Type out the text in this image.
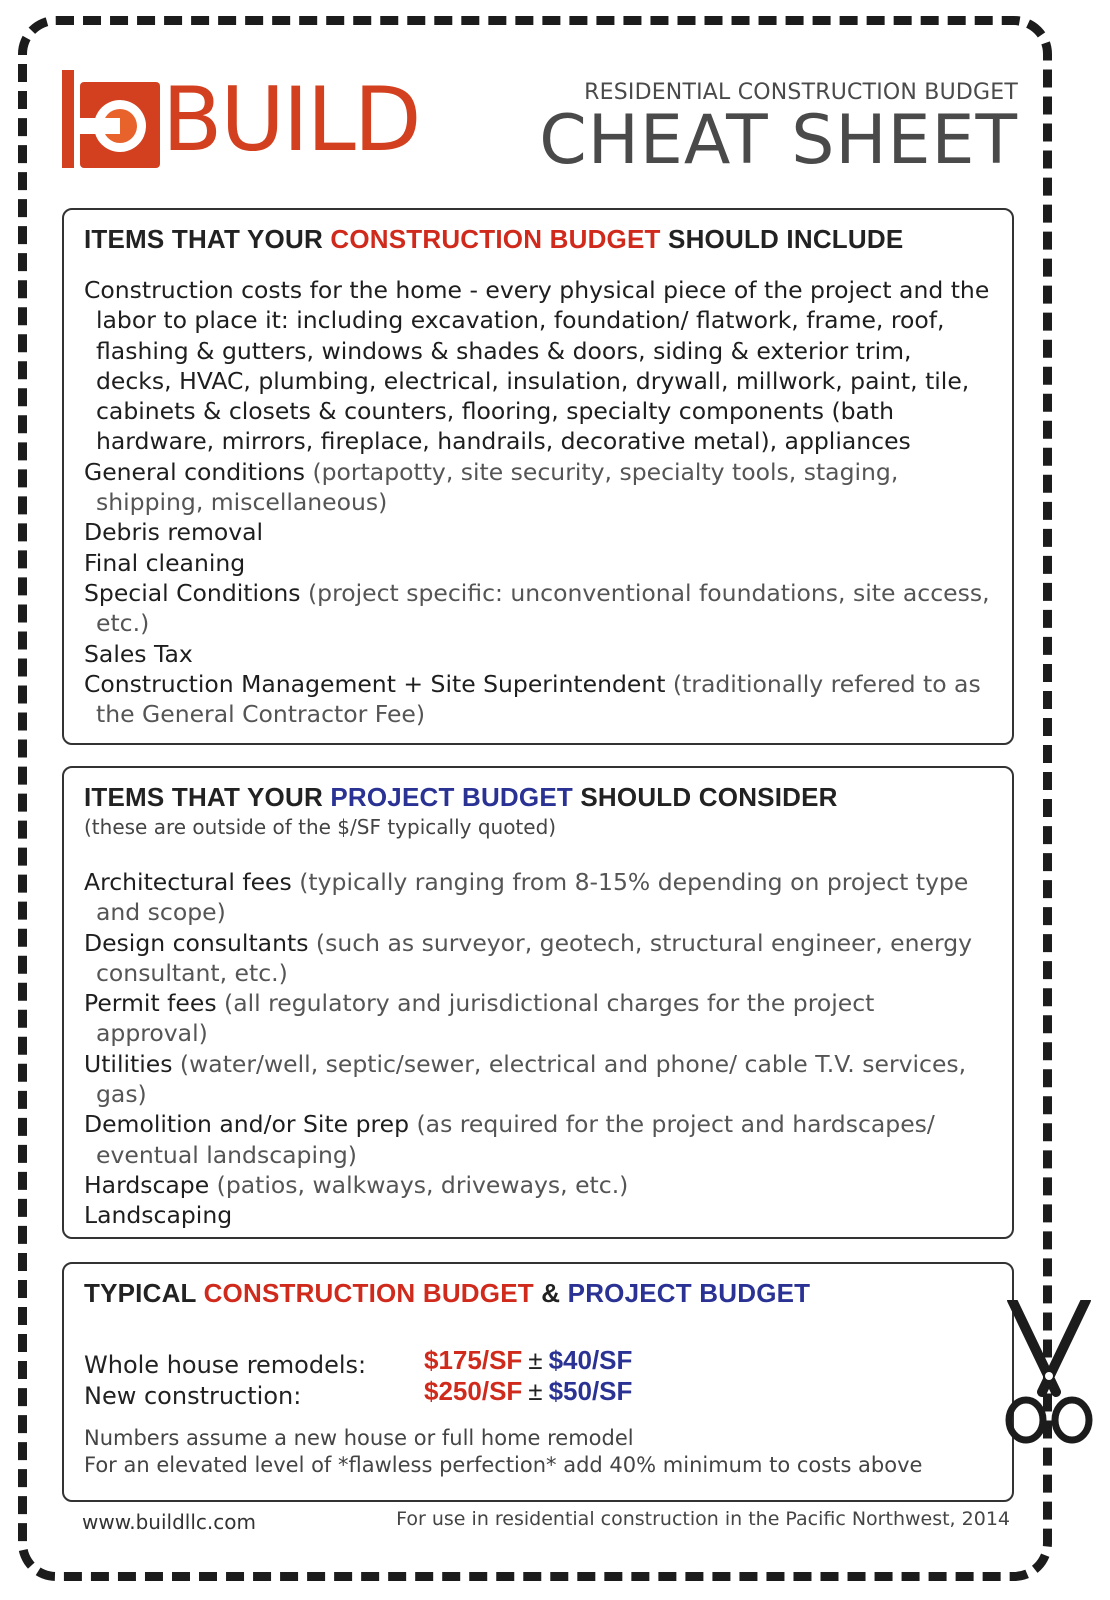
BUILD	RESIDENTIAL CONSTRUCTION BUDGET
CHEAT SHEET
ITEMS THAT YOUR CONSTRUCTION BUDGET SHOULD INCLUDE
Construction costs for the home - every physical piece of the project and the labor to place it: including excavation, foundation/ flatwork, frame, roof, flashing & gutters, windows & shades & doors, siding & exterior trim, decks, HVAC, plumbing, electrical, insulation, drywall, millwork, paint, tile, cabinets & closets & counters, flooring, specialty components (bath hardware, mirrors, fireplace, handrails, decorative metal), appliances
General conditions (portapotty, site security, specialty tools, staging, shipping, miscellaneous)
Debris removal
Final cleaning
Special Conditions (project specific: unconventional foundations, site access, etc.)
Sales Tax
Construction Management + Site Superintendent (traditionally refered to as the General Contractor Fee)
ITEMS THAT YOUR PROJECT BUDGET SHOULD CONSIDER
(these are outside of the $/SF typically quoted)
Architectural fees (typically ranging from 8-15% depending on project type and scope)
Design consultants (such as surveyor, geotech, structural engineer, energy consultant, etc.)
Permit fees (all regulatory and jurisdictional charges for the project approval)
Utilities (water/well, septic/sewer, electrical and phone/ cable T.V. services, gas)
Demolition and/or Site prep (as required for the project and hardscapes/ eventual landscaping)
Hardscape (patios, walkways, driveways, etc.)
Landscaping
TYPICAL CONSTRUCTION BUDGET & PROJECT BUDGET
Whole house remodels: $175/SF ± $40/SF
New construction:	$250/SF ± $50/SF
Numbers assume a new house or full home remodel
For an elevated level of *flawless perfection* add 40% minimum to costs above
www.buildllc.com	For use in residential construction in the Pacific Northwest, 2014
